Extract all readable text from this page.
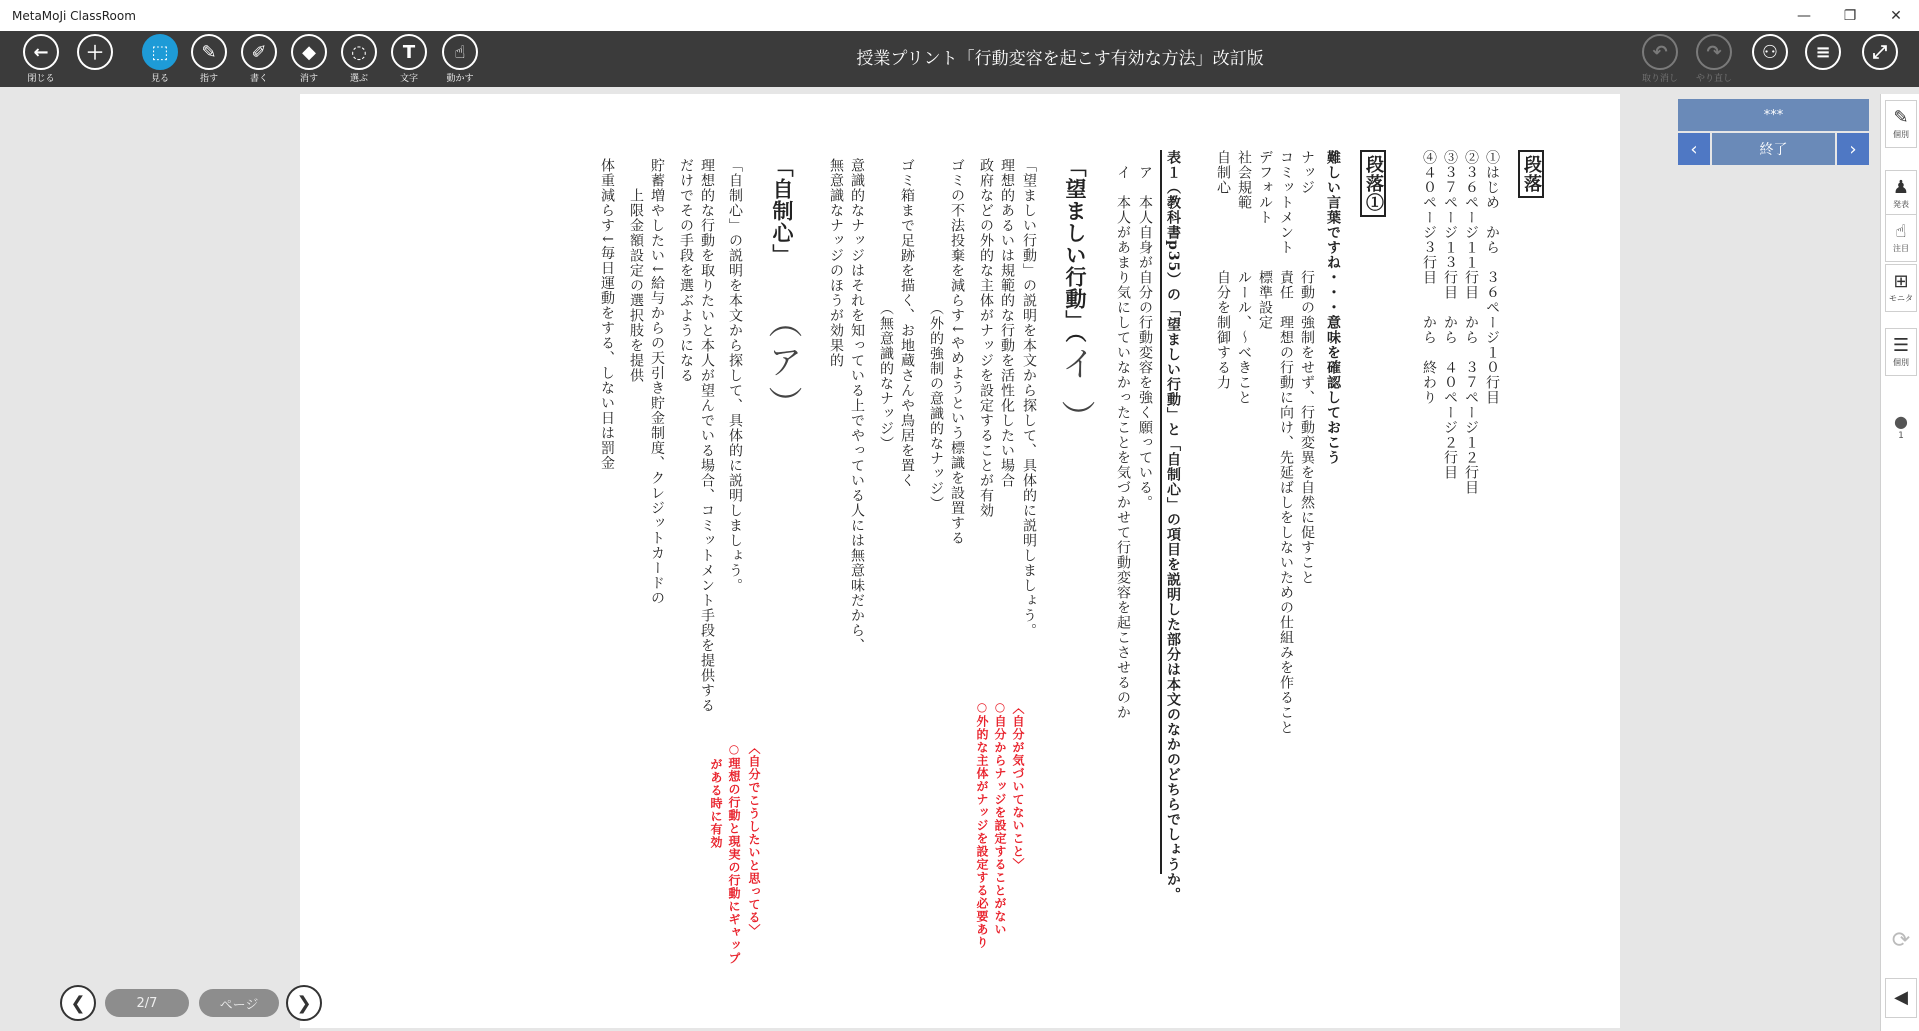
MetaMoJi ClassRoom	—	❐	✕
←
閉じる
＋	⬚
見る
✎
指す
✐
書く
◆
消す
◌
選ぶ
T
文字
☝
動かす
授業プリント「行動変容を起こす有効な方法」改訂版	↶
取り消し
↷
やり直し
⚇	≡	⤢
段落
①はじめ　から　３６ページ１０行目
②３６ページ１１行目　から　３７ページ１２行目
③３７ページ１３行目　から　４０ページ２行目
④４０ページ３行目　　から　終わり
段落①
難しい言葉ですね・・・意味を確認しておこう
ナッジ　　　　　行動の強制をせず、行動変異を自然に促すこと
コミットメント　責任　理想の行動に向け、先延ばしをしないための仕組みを作ること
デフォルト　　　標準設定
社会規範　　　　ルール、～べきこと
自制心　　　　　自分を制御する力
表１（教科書p35）の「望ましい行動」と「自制心」の項目を説明した部分は本文のなかのどちらでしょうか。
　ア　本人自身が自分の行動変容を強く願っている。
　イ　本人があまり気にしていなかったことを気づかせて行動変容を起こさせるのか
「望ましい行動」（
イ
）
「望ましい行動」の説明を本文から探して、具体的に説明しましょう。
理想的あるいは規範的な行動を活性化したい場合
政府などの外的な主体がナッジを設定することが有効
ゴミの不法投棄を減らす↓やめようという標識を設置する
　　　　　　　　　　（外的強制の意識的なナッジ）
ゴミ箱まで足跡を描く、お地蔵さんや鳥居を置く
　　　　　　　　　　（無意識的なナッジ）
意識的なナッジはそれを知っている上でやっている人には無意味だから、
無意識なナッジのほうが効果的
「自制心」
（
ア
）
「自制心」の説明を本文から探して、具体的に説明しましょう。
理想的な行動を取りたいと本人が望んでいる場合、コミットメント手段を提供する
だけでその手段を選ぶようになる
貯蓄増やしたい↓給与からの天引き貯金制度、クレジットカードの
　　上限金額設定の選択肢を提供
体重減らす↓毎日運動をする、しない日は罰金
〈自分が気づいてないこと〉
○自分からナッジを設定することがない
○外的な主体がナッジを設定する必要あり
〈自分でこうしたいと思ってる〉
○理想の行動と現実の行動にギャップ
がある時に有効
❮	2/7	ページ	❯
***
‹	終了	›
✎
個別
♟
発表
☝
注目
⊞
モニタ
☰
個別
●
1
⟳
◀
